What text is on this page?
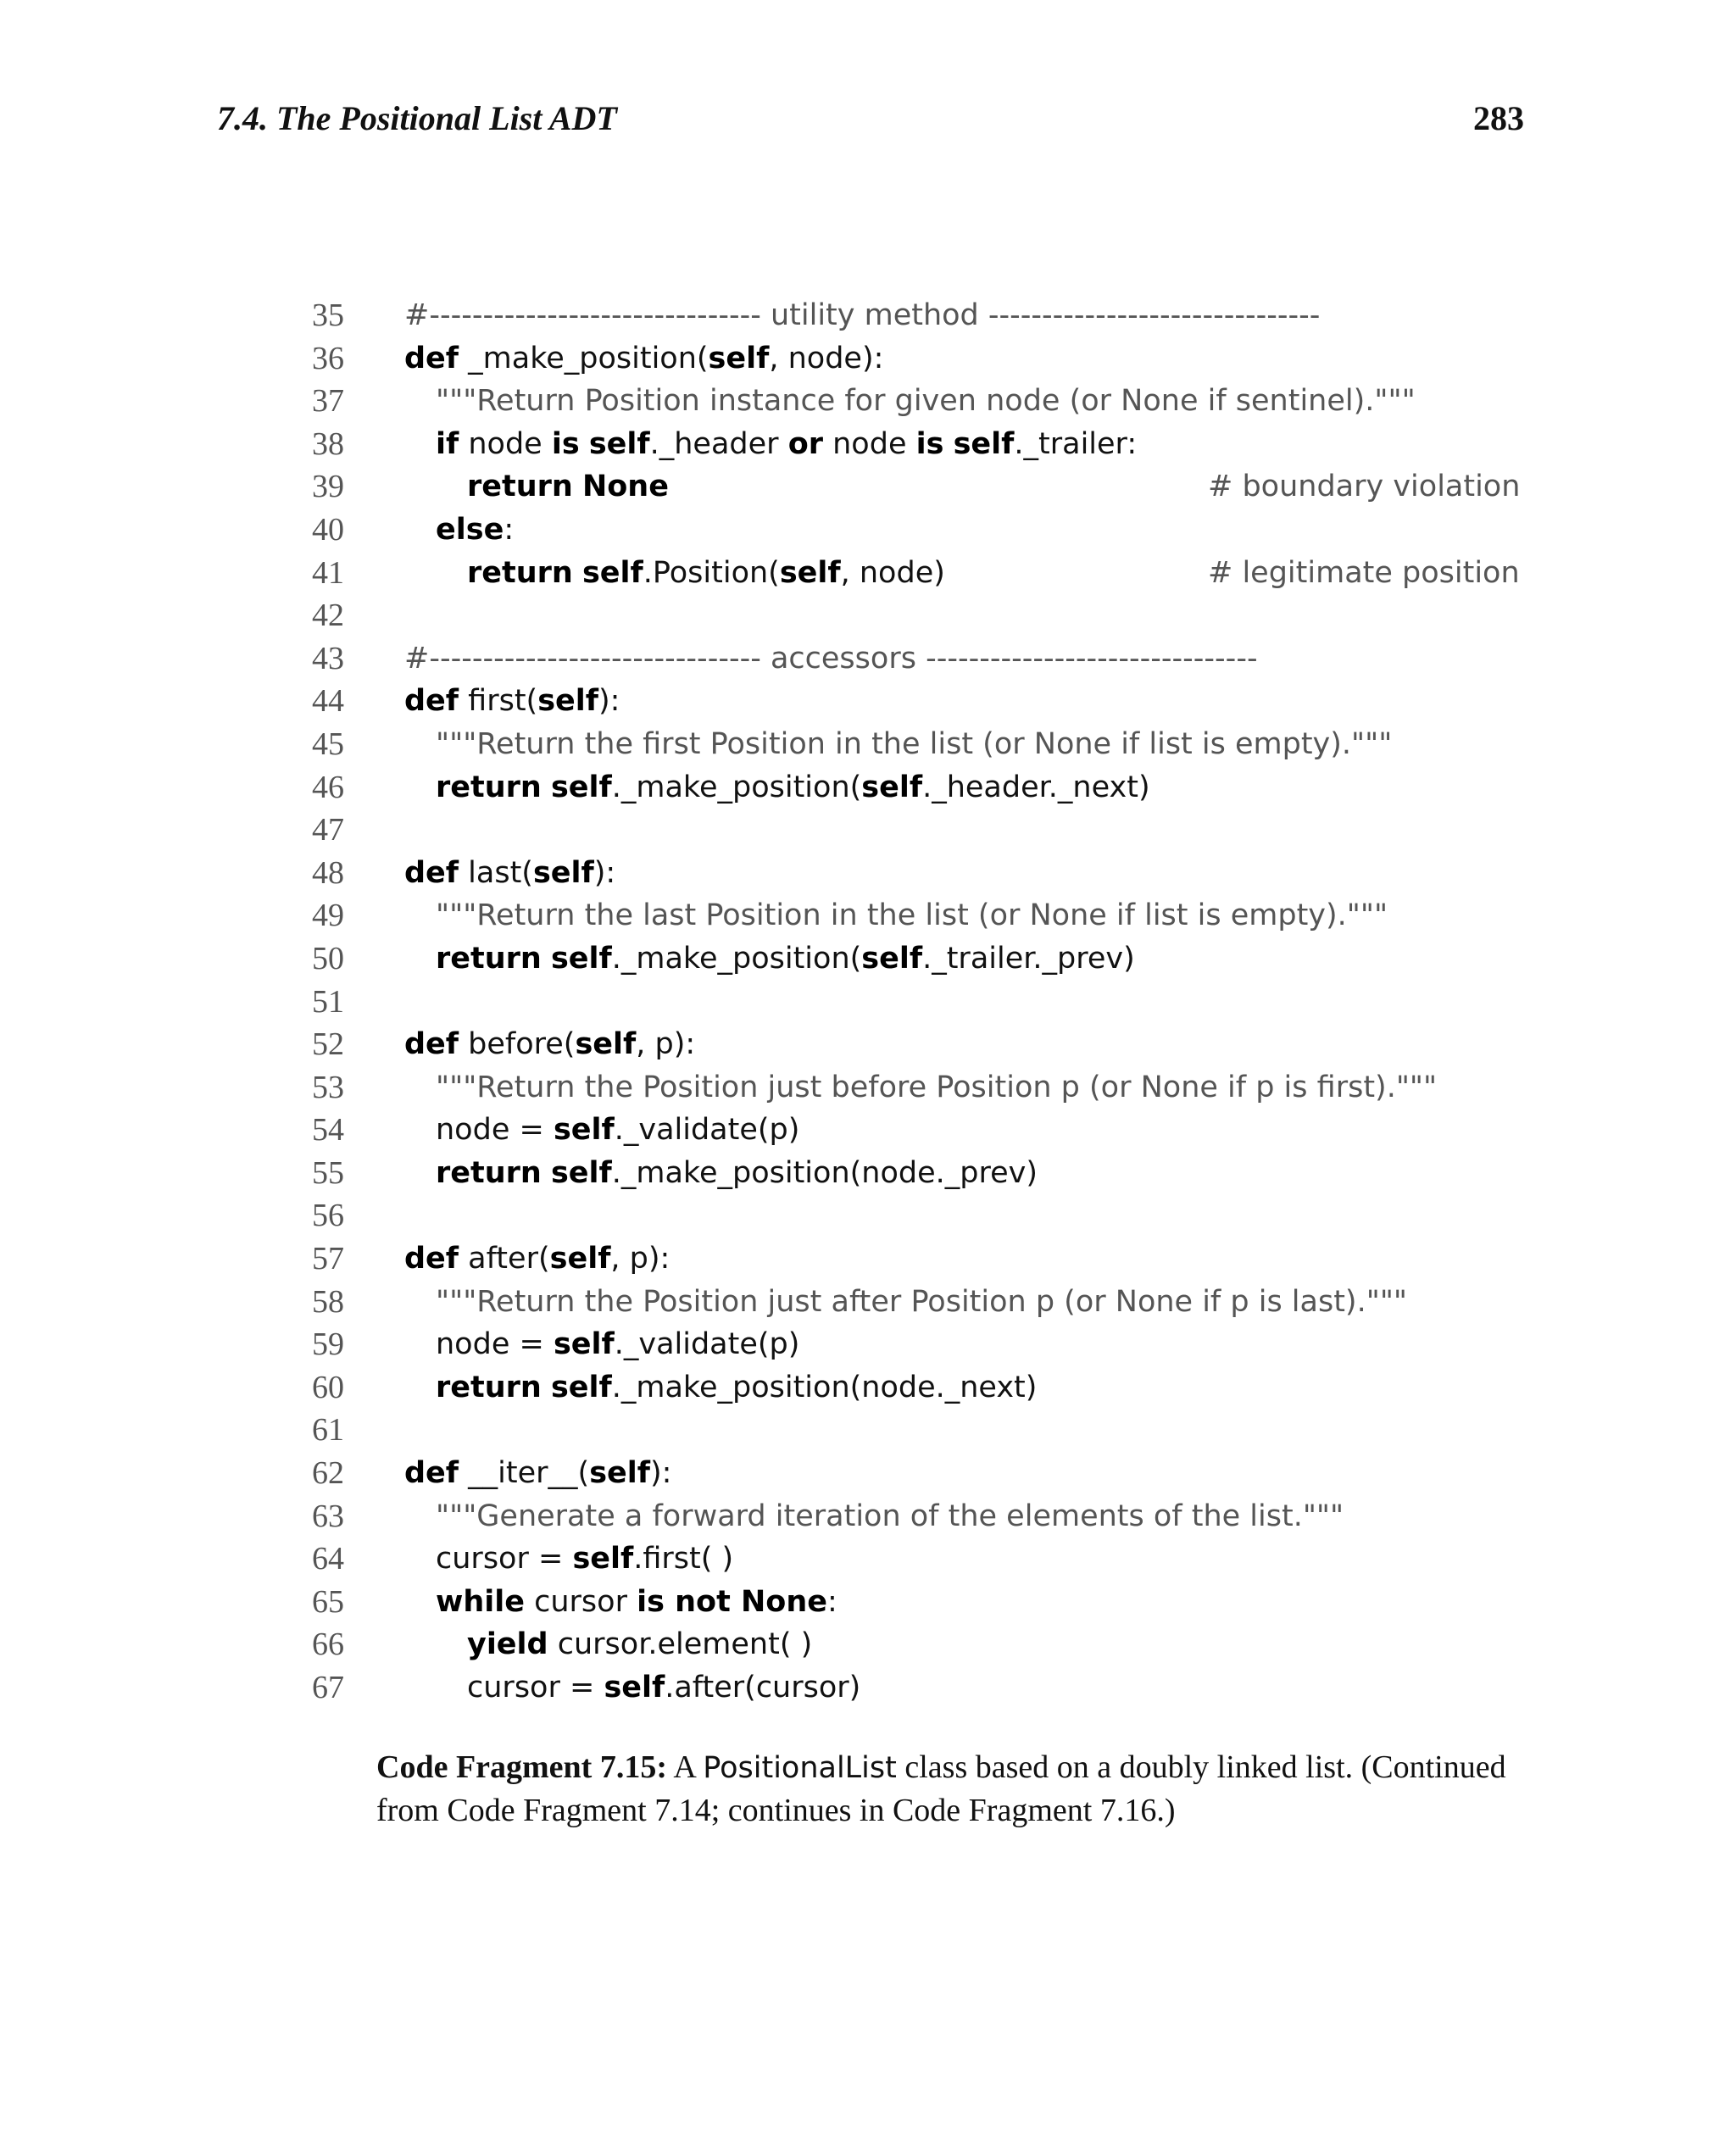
7.4. The Positional List ADT	283
35 #------------------------------- utility method -------------------------------
36 def _make_position(self, node):
37	"""Return Position instance for given node (or None if sentinel)."""
38	if node is self._header or node is self._trailer:
39	return None	# boundary violation
40	else:
41	return self.Position(self, node)	# legitimate position
42
43 #------------------------------- accessors -------------------------------
44 def first(self):
45	"""Return the first Position in the list (or None if list is empty)."""
46	return self._make_position(self._header._next)
47
48 def last(self):
49	"""Return the last Position in the list (or None if list is empty)."""
50	return self._make_position(self._trailer._prev)
51
52 def before(self, p):
53	"""Return the Position just before Position p (or None if p is first)."""
54	node = self._validate(p)
55	return self._make_position(node._prev)
56
57 def after(self, p):
58	"""Return the Position just after Position p (or None if p is last)."""
59	node = self._validate(p)
60	return self._make_position(node._next)
61
62 def __iter__(self):
63	"""Generate a forward iteration of the elements of the list."""
64	cursor = self.first( )
65	while cursor is not None:
66	yield cursor.element( )
67	cursor = self.after(cursor)
Code Fragment 7.15: A PositionalList class based on a doubly linked list. (Continued from Code Fragment 7.14; continues in Code Fragment 7.16.)
